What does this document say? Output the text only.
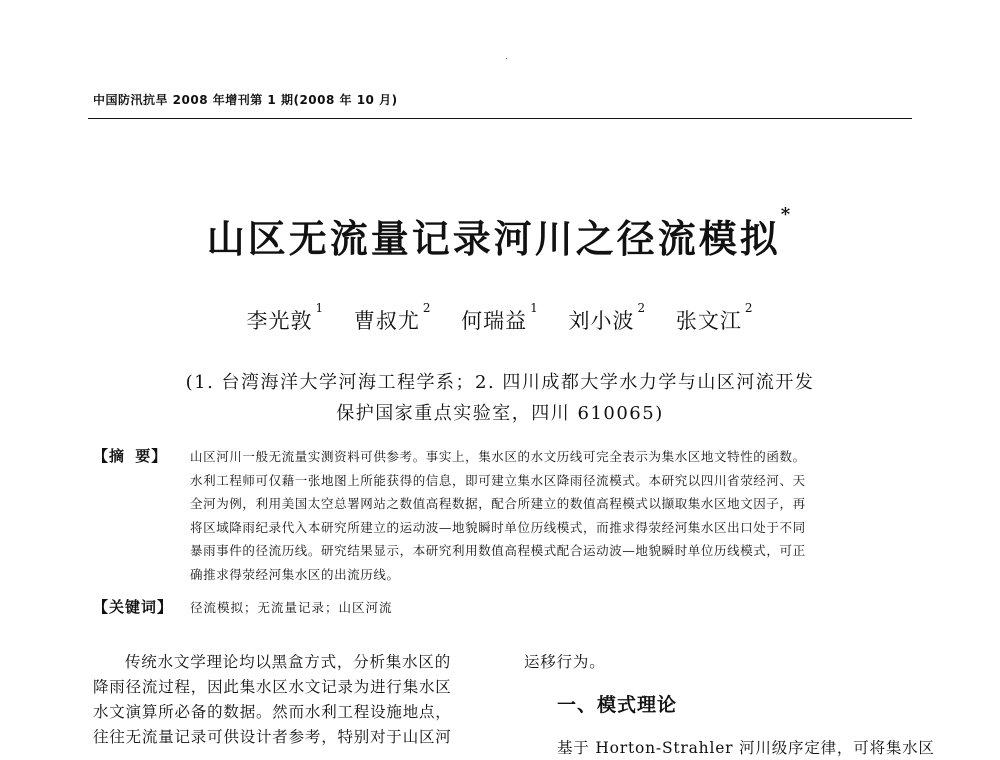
.
中国防汛抗旱 2008 年增刊第 1 期(2008 年 10 月)
山区无流量记录河川之径流模拟*
李光敦$^1$ 曹叔尤$^2$ 何瑞益$^1$ 刘小波$^2$ 张文江$^2$
(1. 台湾海洋大学河海工程学系；2. 四川成都大学水力学与山区河流开发
保护国家重点实验室，四川 610065)
【摘 要】 山区河川一般无流量实测资料可供参考。事实上，集水区的水文历线可完全表示为集水区地文特性的函数。
水利工程师可仅藉一张地图上所能获得的信息，即可建立集水区降雨径流模式。本研究以四川省荥经河、天
全河为例，利用美国太空总署网站之数值高程数据，配合所建立的数值高程模式以撷取集水区地文因子，再
将区域降雨纪录代入本研究所建立的运动波—地貌瞬时单位历线模式，而推求得荥经河集水区出口处于不同
暴雨事件的径流历线。研究结果显示，本研究利用数值高程模式配合运动波—地貌瞬时单位历线模式，可正
确推求得荥经河集水区的出流历线。
【关键词】 径流模拟；无流量记录；山区河流
传统水文学理论均以黑盒方式，分析集水区的
降雨径流过程，因此集水区水文记录为进行集水区
水文演算所必备的数据。然而水利工程设施地点，
往往无流量记录可供设计者参考，特别对于山区河
运移行为。
一、模式理论
基于 Horton-Strahler 河川级序定律，可将集水区
